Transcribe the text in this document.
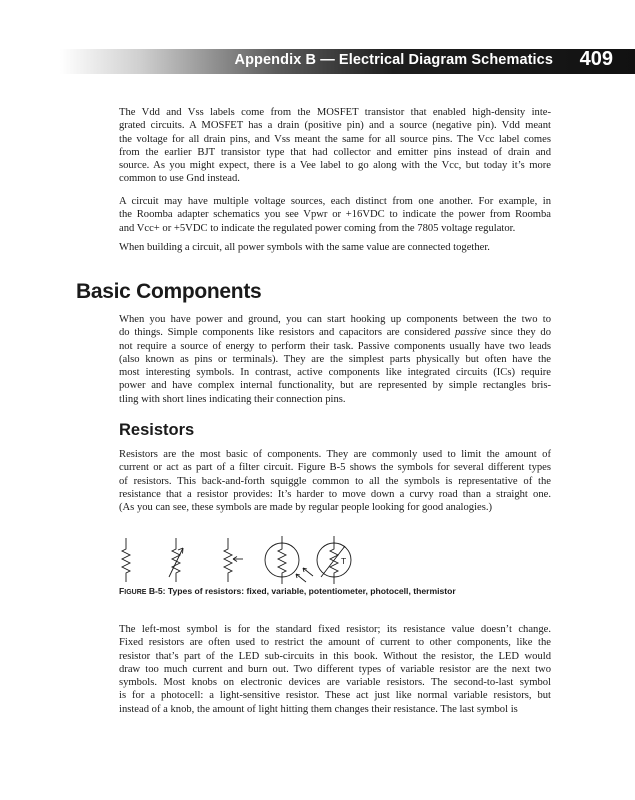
Appendix B — Electrical Diagram Schematics 409

The Vdd and Vss labels come from the MOSFET transistor that enabled high-density inte-
grated circuits. A MOSFET has a drain (positive pin) and a source (negative pin). Vdd meant
the voltage for all drain pins, and Vss meant the same for all source pins. The Vcc label comes
from the earlier BJT transistor type that had collector and emitter pins instead of drain and
source. As you might expect, there is a Vee label to go along with the Vcc, but today it’s more
common to use Gnd instead.

A circuit may have multiple voltage sources, each distinct from one another. For example, in
the Roomba adapter schematics you see Vpwr or +16VDC to indicate the power from Roomba
and Vcc+ or +5VDC to indicate the regulated power coming from the 7805 voltage regulator.

When building a circuit, all power symbols with the same value are connected together.

Basic Components

When you have power and ground, you can start hooking up components between the two to
do things. Simple components like resistors and capacitors are considered passive since they do
not require a source of energy to perform their task. Passive components usually have two leads
(also known as pins or terminals). They are the simplest parts physically but often have the
most interesting symbols. In contrast, active components like integrated circuits (ICs) require
power and have complex internal functionality, but are represented by simple rectangles bris-
tling with short lines indicating their connection pins.

Resistors

Resistors are the most basic of components. They are commonly used to limit the amount of
current or act as part of a filter circuit. Figure B-5 shows the symbols for several different types
of resistors. This back-and-forth squiggle common to all the symbols is representative of the
resistance that a resistor provides: It’s harder to move down a curvy road than a straight one.
(As you can see, these symbols are made by regular people looking for good analogies.)

T

FIGURE B-5: Types of resistors: fixed, variable, potentiometer, photocell, thermistor

The left-most symbol is for the standard fixed resistor; its resistance value doesn’t change.
Fixed resistors are often used to restrict the amount of current to other components, like the
resistor that’s part of the LED sub-circuits in this book. Without the resistor, the LED would
draw too much current and burn out. Two different types of variable resistor are the next two
symbols. Most knobs on electronic devices are variable resistors. The second-to-last symbol
is for a photocell: a light-sensitive resistor. These act just like normal variable resistors, but
instead of a knob, the amount of light hitting them changes their resistance. The last symbol is
